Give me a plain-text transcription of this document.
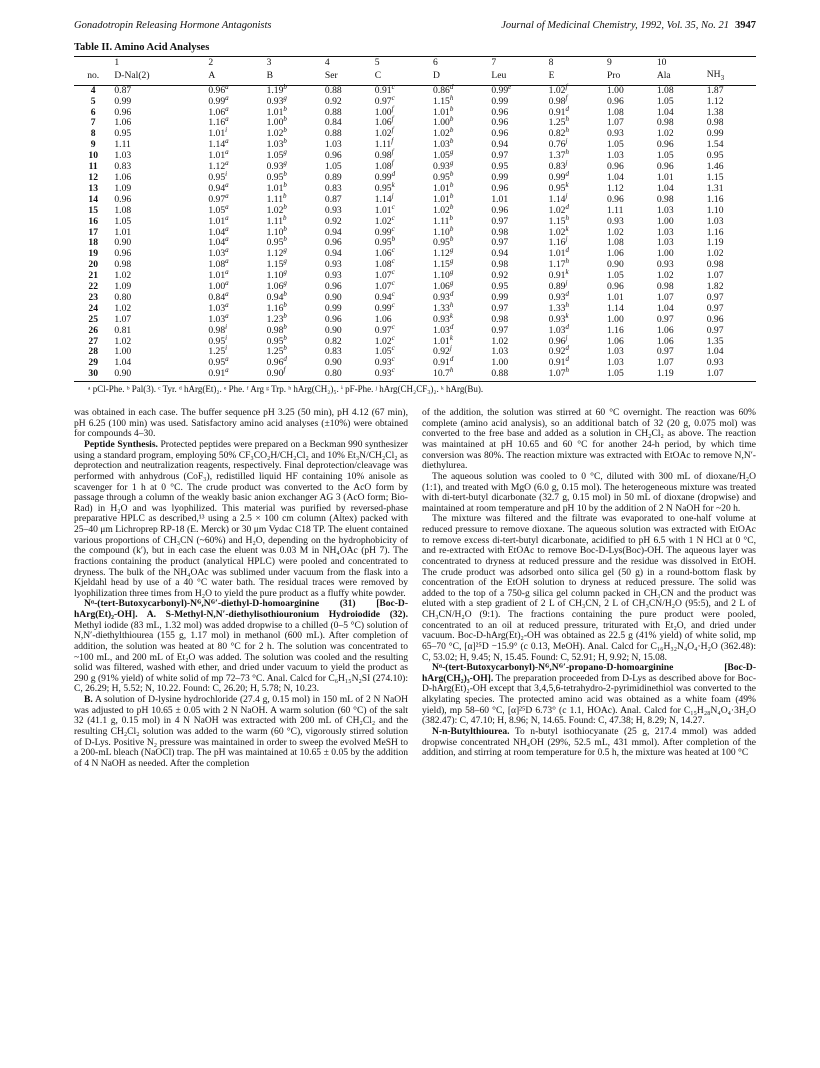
Gonadotropin Releasing Hormone Antagonists	Journal of Medicinal Chemistry, 1992, Vol. 35, No. 21 3947
Table II. Amino Acid Analyses

	1	2	3	4	5	6	7	8	9	10	
no.	D-Nal(2)	A	B	Ser	C	D	Leu	E	Pro	Ala	$NH_3$
4	0.87	0.96$^a$	1.19$^b$	0.88	0.91$^c$	0.86$^d$	0.99e	1.02$^f$	1.00	1.08	1.87
5	0.99	0.99$^a$	0.93$^g$	0.92	0.97$^c$	1.15$^h$	0.99	0.98$^f$	0.96	1.05	1.12
6	0.96	1.06$^a$	1.01$^b$	0.88	1.00$^f$	1.01$^b$	0.96	0.91$^d$	1.08	1.04	1.38
7	1.06	1.16$^a$	1.00$^b$	0.84	1.06$^f$	1.00$^b$	0.96	1.25$^h$	1.07	0.98	0.98
8	0.95	1.01$^i$	1.02$^b$	0.88	1.02$^f$	1.02$^b$	0.96	0.82$^h$	0.93	1.02	0.99
9	1.11	1.14$^a$	1.03$^b$	1.03	1.11$^f$	1.03$^b$	0.94	0.76$^j$	1.05	0.96	1.54
10	1.03	1.01$^a$	1.05$^g$	0.96	0.98$^f$	1.05$^g$	0.97	1.37$^h$	1.03	1.05	0.95
11	0.83	1.12$^a$	0.93$^g$	1.05	1.08$^f$	0.93$^g$	0.95	0.83$^j$	0.96	0.96	1.46
12	1.06	0.95$^i$	0.95$^b$	0.89	0.99$^d$	0.95$^b$	0.99	0.99$^d$	1.04	1.01	1.15
13	1.09	0.94$^a$	1.01$^b$	0.83	0.95$^k$	1.01$^b$	0.96	0.95$^k$	1.12	1.04	1.31
14	0.96	0.97$^a$	1.11$^b$	0.87	1.14$^j$	1.01$^b$	1.01	1.14$^j$	0.96	0.98	1.16
15	1.08	1.05$^a$	1.02$^b$	0.93	1.01$^c$	1.02$^b$	0.96	1.02$^d$	1.11	1.03	1.10
16	1.05	1.01$^a$	1.11$^b$	0.92	1.02$^c$	1.11$^b$	0.97	1.15$^h$	0.93	1.00	1.03
17	1.01	1.04$^a$	1.10$^b$	0.94	0.99$^c$	1.10$^b$	0.98	1.02$^k$	1.02	1.03	1.16
18	0.90	1.04$^a$	0.95$^b$	0.96	0.95$^b$	0.95$^b$	0.97	1.16$^j$	1.08	1.03	1.19
19	0.96	1.03$^a$	1.12$^g$	0.94	1.06$^c$	1.12$^g$	0.94	1.01$^d$	1.06	1.00	1.02
20	0.98	1.08$^a$	1.15$^g$	0.93	1.08$^c$	1.15$^g$	0.98	1.17$^h$	0.90	0.93	0.98
21	1.02	1.01$^a$	1.10$^g$	0.93	1.07$^c$	1.10$^g$	0.92	0.91$^k$	1.05	1.02	1.07
22	1.09	1.00$^a$	1.06$^g$	0.96	1.07$^c$	1.06$^g$	0.95	0.89$^j$	0.96	0.98	1.82
23	0.80	0.84$^a$	0.94$^b$	0.90	0.94$^c$	0.93$^d$	0.99	0.93$^d$	1.01	1.07	0.97
24	1.02	1.03$^a$	1.16$^b$	0.99	0.99$^c$	1.33$^h$	0.97	1.33$^h$	1.14	1.04	0.97
25	1.07	1.03$^a$	1.23$^b$	0.96	1.06	0.93$^k$	0.98	0.93$^k$	1.00	0.97	0.96
26	0.81	0.98$^i$	0.98$^b$	0.90	0.97$^c$	1.03$^d$	0.97	1.03$^d$	1.16	1.06	0.97
27	1.02	0.95$^i$	0.95$^b$	0.82	1.02$^c$	1.01$^k$	1.02	0.96$^j$	1.06	1.06	1.35
28	1.00	1.25$^i$	1.25$^b$	0.83	1.05$^c$	0.92$^j$	1.03	0.92$^d$	1.03	0.97	1.04
29	1.04	0.95$^a$	0.96$^d$	0.90	0.93$^c$	0.91$^d$	1.00	0.91$^d$	1.03	1.07	0.93
30	0.90	0.91$^a$	0.90$^f$	0.80	0.93$^c$	10.7$^h$	0.88	1.07$^h$	1.05	1.19	1.07
ᵃ pCl-Phe. ᵇ Pal(3). ᶜ Tyr. ᵈ hArg(Et)₂. ᵉ Phe. ᶠ Arg ᵍ Trp. ʰ hArg(CH₂)₅. ⁱ pF-Phe. ʲ hArg(CH₂CF₃)₂. ᵏ hArg(Bu).

was obtained in each case. The buffer sequence pH 3.25 (50 min), pH 4.12 (67 min), pH 6.25 (100 min) was used. Satisfactory amino acid analyses (±10%) were obtained for compounds 4–30.

Peptide Synthesis. Protected peptides were prepared on a Beckman 990 synthesizer using a standard program, employing 50% CF₃CO₂H/CH₂Cl₂ and 10% Et₃N/CH₂Cl₂ as deprotection and neutralization reagents, respectively. Final deprotection/cleavage was performed with anhydrous (CoF₃), redistilled liquid HF containing 10% anisole as scavenger for 1 h at 0 °C. The crude product was converted to the AcO form by passage through a column of the weakly basic anion exchanger AG 3 (AcO form; Bio-Rad) in H₂O and was lyophilized. This material was purified by reversed-phase preparative HPLC as described,¹³ using a 2.5 × 100 cm column (Altex) packed with 25–40 μm Lichroprep RP-18 (E. Merck) or 30 μm Vydac C18 TP. The eluent contained various proportions of CH₃CN (~60%) and H₂O, depending on the hydrophobicity of the compound (k′), but in each case the eluent was 0.03 M in NH₄OAc (pH 7). The fractions containing the product (analytical HPLC) were pooled and concentrated to dryness. The bulk of the NH₄OAc was sublimed under vacuum from the flask into a Kjeldahl head by use of a 40 °C water bath. The residual traces were removed by lyophilization three times from H₂O to yield the pure product as a fluffy white powder.

Nᵅ-(tert-Butoxycarbonyl)-Nᴳ,Nᴳ′-diethyl-D-homoarginine (31) [Boc-D-hArg(Et)₂-OH]. A. S-Methyl-N,N′-diethylisothiouronium Hydroiodide (32). Methyl iodide (83 mL, 1.32 mol) was added dropwise to a chilled (0–5 °C) solution of N,N′-diethylthiourea (155 g, 1.17 mol) in methanol (600 mL). After completion of addition, the solution was heated at 80 °C for 2 h. The solution was concentrated to ~100 mL, and 200 mL of Et₂O was added. The solution was cooled and the resulting solid was filtered, washed with ether, and dried under vacuum to yield the product as 290 g (91% yield) of white solid of mp 72–73 °C. Anal. Calcd for C₆H₁₅N₂SI (274.10): C, 26.29; H, 5.52; N, 10.22. Found: C, 26.20; H, 5.78; N, 10.23.

B. A solution of D-lysine hydrochloride (27.4 g, 0.15 mol) in 150 mL of 2 N NaOH was adjusted to pH 10.65 ± 0.05 with 2 N NaOH. A warm solution (60 °C) of the salt 32 (41.1 g, 0.15 mol) in 4 N NaOH was extracted with 200 mL of CH₂Cl₂ and the resulting CH₂Cl₂ solution was added to the warm (60 °C), vigorously stirred solution of D-Lys. Positive N₂ pressure was maintained in order to sweep the evolved MeSH to a 200-mL bleach (NaOCl) trap. The pH was maintained at 10.65 ± 0.05 by the addition of 4 N NaOH as needed. After the completion

of the addition, the solution was stirred at 60 °C overnight. The reaction was 60% complete (amino acid analysis), so an additional batch of 32 (20 g, 0.075 mol) was converted to the free base and added as a solution in CH₂Cl₂ as above. The reaction was maintained at pH 10.65 and 60 °C for another 24-h period, by which time conversion was 80%. The reaction mixture was extracted with EtOAc to remove N,N′-diethylurea.

The aqueous solution was cooled to 0 °C, diluted with 300 mL of dioxane/H₂O (1:1), and treated with MgO (6.0 g, 0.15 mol). The heterogeneous mixture was treated with di-tert-butyl dicarbonate (32.7 g, 0.15 mol) in 50 mL of dioxane (dropwise) and maintained at room temperature and pH 10 by the addition of 2 N NaOH for ~20 h.

The mixture was filtered and the filtrate was evaporated to one-half volume at reduced pressure to remove dioxane. The aqueous solution was extracted with EtOAc to remove excess di-tert-butyl dicarbonate, acidified to pH 6.5 with 1 N HCl at 0 °C, and re-extracted with EtOAc to remove Boc-D-Lys(Boc)-OH. The aqueous layer was concentrated to dryness at reduced pressure and the residue was dissolved in EtOH. The crude product was adsorbed onto silica gel (50 g) in a round-bottom flask by concentration of the EtOH solution to dryness at reduced pressure. The solid was added to the top of a 750-g silica gel column packed in CH₃CN and the product was eluted with a step gradient of 2 L of CH₃CN, 2 L of CH₃CN/H₂O (95:5), and 2 L of CH₃CN/H₂O (9:1). The fractions containing the pure product were pooled, concentrated to an oil at reduced pressure, triturated with Et₂O, and dried under vacuum. Boc-D-hArg(Et)₂-OH was obtained as 22.5 g (41% yield) of white solid, mp 65–70 °C, [α]²⁵D −15.9° (c 0.13, MeOH). Anal. Calcd for C₁₆H₃₂N₄O₄·H₂O (362.48): C, 53.02; H, 9.45; N, 15.45. Found: C, 52.91; H, 9.92; N, 15.08.

Nᵅ-(tert-Butoxycarbonyl)-Nᴳ,Nᴳ′-propano-D-homoarginine [Boc-D-hArg(CH₂)₃-OH]. The preparation proceeded from D-Lys as described above for Boc-D-hArg(Et)₂-OH except that 3,4,5,6-tetrahydro-2-pyrimidinethiol was converted to the alkylating species. The protected amino acid was obtained as a white foam (49% yield), mp 58–60 °C, [α]²⁵D 6.73° (c 1.1, HOAc). Anal. Calcd for C₁₅H₂₈N₄O₄·3H₂O (382.47): C, 47.10; H, 8.96; N, 14.65. Found: C, 47.38; H, 8.29; N, 14.27.

N-n-Butylthiourea. To n-butyl isothiocyanate (25 g, 217.4 mmol) was added dropwise concentrated NH₄OH (29%, 52.5 mL, 431 mmol). After completion of the addition, and stirring at room temperature for 0.5 h, the mixture was heated at 100 °C
